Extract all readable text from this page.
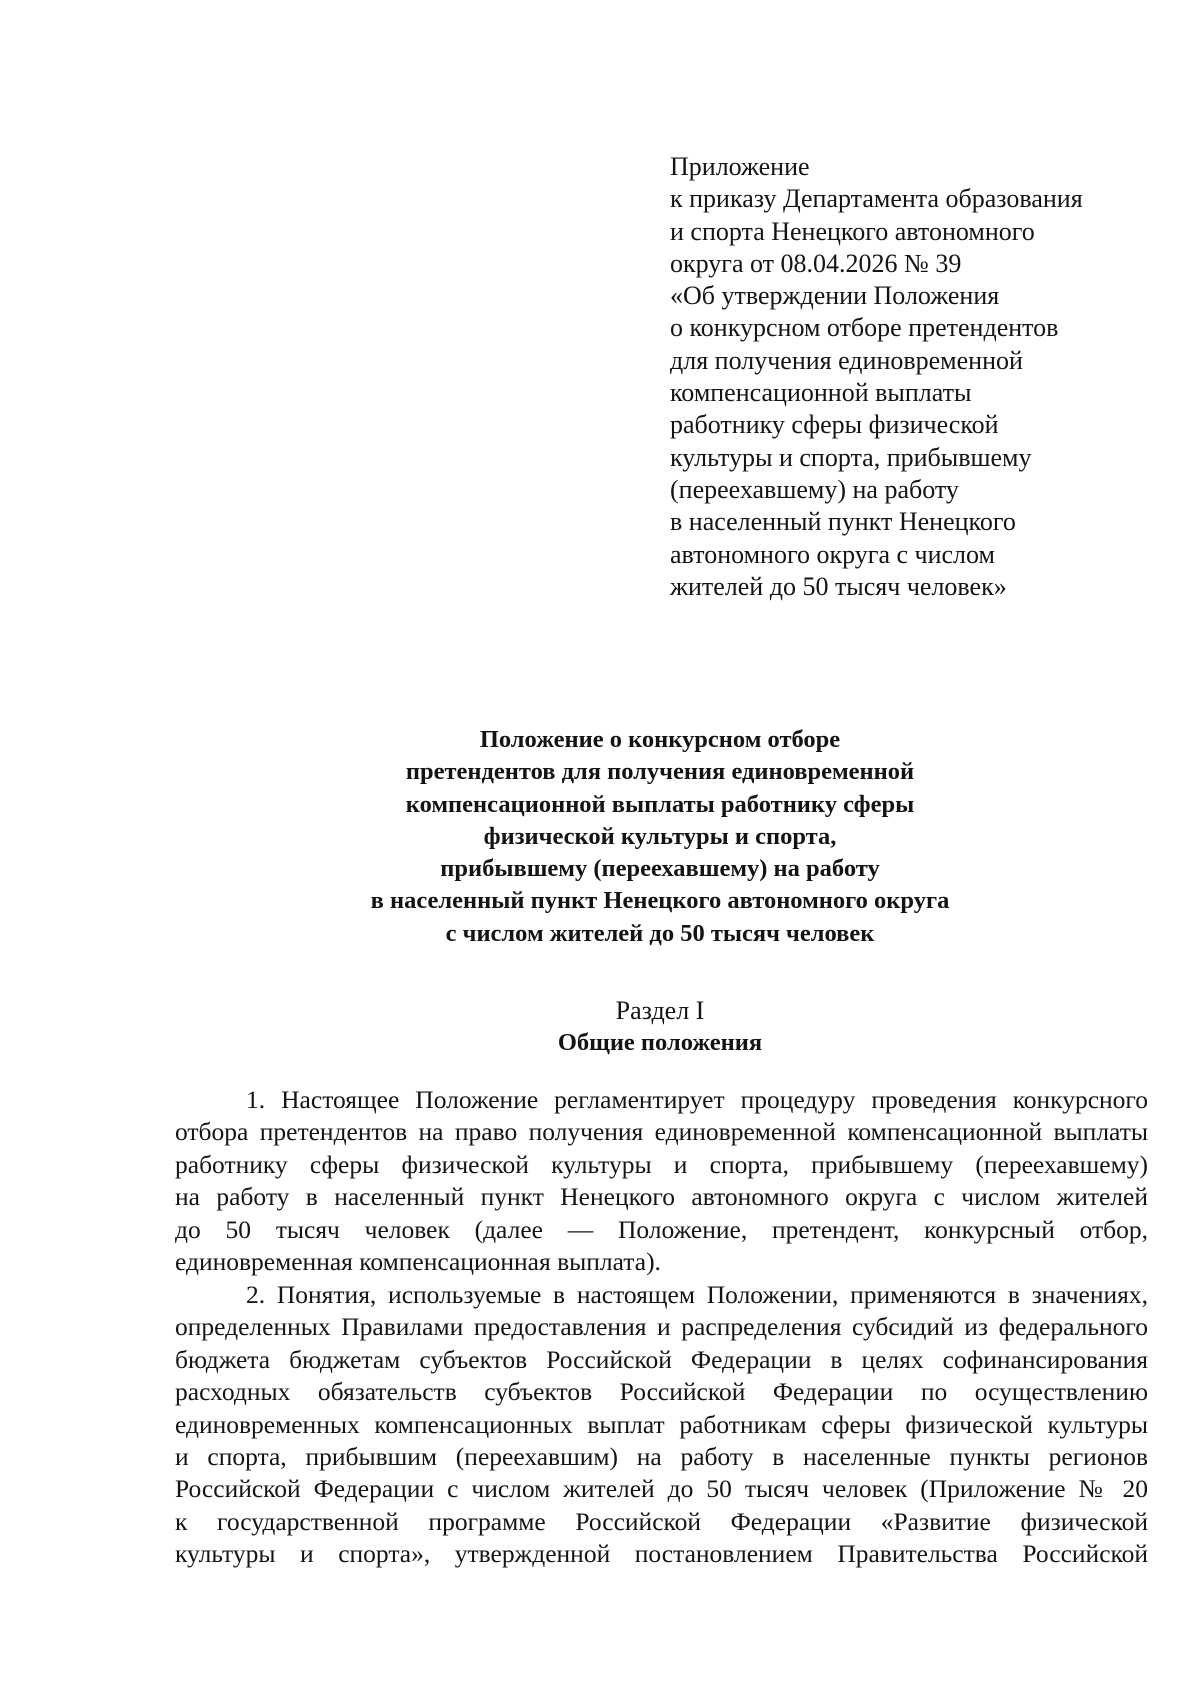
Приложение
к приказу Департамента образования
и спорта Ненецкого автономного
округа от 08.04.2026 № 39
«Об утверждении Положения
о конкурсном отборе претендентов
для получения единовременной
компенсационной выплаты
работнику сферы физической
культуры и спорта, прибывшему
(переехавшему) на работу
в населенный пункт Ненецкого
автономного округа с числом
жителей до 50 тысяч человек»
Положение о конкурсном отборе
претендентов для получения единовременной
компенсационной выплаты работнику сферы
физической культуры и спорта,
прибывшему (переехавшему) на работу
в населенный пункт Ненецкого автономного округа
с числом жителей до 50 тысяч человек
Раздел I
Общие положения
1. Настоящее Положение регламентирует процедуру проведения конкурсного
отбора претендентов на право получения единовременной компенсационной выплаты
работнику сферы физической культуры и спорта, прибывшему (переехавшему)
на работу в населенный пункт Ненецкого автономного округа с числом жителей
до 50 тысяч человек (далее — Положение, претендент, конкурсный отбор,
единовременная компенсационная выплата).
2. Понятия, используемые в настоящем Положении, применяются в значениях,
определенных Правилами предоставления и распределения субсидий из федерального
бюджета бюджетам субъектов Российской Федерации в целях софинансирования
расходных обязательств субъектов Российской Федерации по осуществлению
единовременных компенсационных выплат работникам сферы физической культуры
и спорта, прибывшим (переехавшим) на работу в населенные пункты регионов
Российской Федерации с числом жителей до 50 тысяч человек (Приложение № 20
к государственной программе Российской Федерации «Развитие физической
культуры и спорта», утвержденной постановлением Правительства Российской
